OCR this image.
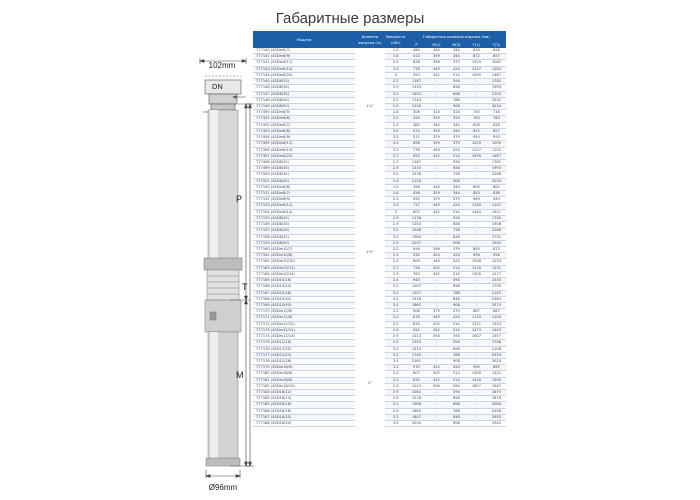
Габаритные размеры
102mm
DN
P
M
Ø96mm
T
Модели	Диаметр выпуска (in)	Мощность (кВт)	Габаритные размеры изделия (мм)				
			P	M(1)	M(3)	T(1)	T(3)
777140 (4SDm6/7)	1¼"	1.0	484	344	344	828	828
777141 (4SDm6/9)		1.8	513	359	344	872	857
777142 (4SDm6/11)		2.5	828	399	379	1029	1082
777143 (4SDm6/14)		2.5	778	449	424	1227	1263
777144 (4SDm6/20)		3	953	542	514	1495	1467
777145 (4SD6/25)		2.2	1187	-	594	-	1781
777146 (4SD6/30)		2.9	1335	-	658	-	1993
777147 (4SD6/34)		3.2	1452	-	698	-	2150
777148 (4SD6/40)		2.5	1744	-	788	-	2532
777149 (4SD6/50)		2.9	2126	-	908	-	3034
777490 (4SDm6/5)		1.8	206	314	314	730	716
777491 (4SDm6/6)		2.0	454	329	329	783	783
777492 (4SDm6/7)		2.5	484	344	344	828	828
777493 (4SDm6/8)		3.0	513	359	344	872	857
777494 (4SDm6/9)		3.5	571	379	379	950	950
777495 (4SDm6/11)		4.0	658	399	379	1029	1009
777496 (4SDm6/14)		3.5	778	449	424	1227	1202
777497 (4SDm6/20)		2.2	953	542	514	1495	1467
777498 (4SD6/25)		2.2	1187	-	594	-	1781
777499 (4SD6/30)	1½"	2.9	1335	-	658	-	1993
777500 (4SD6/34)		3.2	1538	-	728	-	2266
777501 (4SD6/40)		2.9	2126	-	908	-	3034
777150 (4SDm8/6)		1.0	456	344	344	800	800
777151 (4SDm8/7)		1.8	456	359	344	853	838
777152 (4SDm8/9)		2.5	592	379	379	969	949
777153 (4SDm8/12)		2.5	717	449	424	1165	1141
777154 (4SDm8/14)		3	807	542	514	1440	1421
777155 (4SD8/20)		2.9	1136	-	594	-	1730
777156 (4SD8/24)		2.9	1250	-	658	-	1908
777157 (4SD8/26)		3.2	1548	-	738	-	2286
777158 (4SD8/32)		3.5	1984	-	848	-	2732
777159 (4SD8/40)		2.9	2037	-	908	-	2945
777160 (4SDm10/7)		2.2	494	399	379	893	873
777161 (4SDm10/8)		2.5	532	424	424	956	956
777162 (4SDm10/10)		2.5	609	449	424	1058	1033
777163 (4SDm10/13)		2.2	716	502	514	1218	1231
777164 (4SDm10/14)		2.9	763	542	514	1305	1277
777165 (4SD10/16)		2.4	943	-	594	-	1535
777166 (4SD10/20)		3.2	1097	-	698	-	1795
777167 (4SD10/28)		3.2	1357	-	788	-	2145
777168 (4SD10/32)		3.5	1516	-	848	-	2364
777169 (4SD10/40)		3.5	1662	-	908	-	2570
777170 (4SDm12/6)		2.2	508	379	379	887	887
777171 (4SDm12/8)		2.2	676	449	424	1125	1100
777172 (4SDm12/10)		2.5	819	502	514	1321	1333
777173 (4SDm12/12)		2.5	921	542	514	1473	1445
777174 (4SDm12/14)		2.9	1013	594	594	1607	1597
777175 (4SD12/16)	2"	2.9	1355	-	594	-	1748
777176 (4SD12/20)		3.2	1410	-	698	-	2108
777177 (4SD12/24)		3.2	1745	-	788	-	2533
777178 (4SD12/28)		3.5	2161	-	908	-	3020
777179 (4SDm16/4)		3.2	570	424	424	994	865
777180 (4SDm16/6)		2.2	807	502	513	1309	1322
777181 (4SDm16/8)		2.5	835	542	514	1418	1390
777182 (4SDm16/10)		2.5	1013	594	594	1607	1567
777183 (4SD16/12)		2.9	1081	-	594	-	1675
777184 (4SD16/14)		2.9	1218	-	658	-	1876
777185 (4SD16/16)		3.2	1386	-	698	-	2084
777186 (4SD16/18)		2.9	1660	-	788	-	2448
777187 (4SD16/20)		3.2	1807	-	848	-	2655
777188 (4SD16/24)		3.5	2034	-	908	-	2942
